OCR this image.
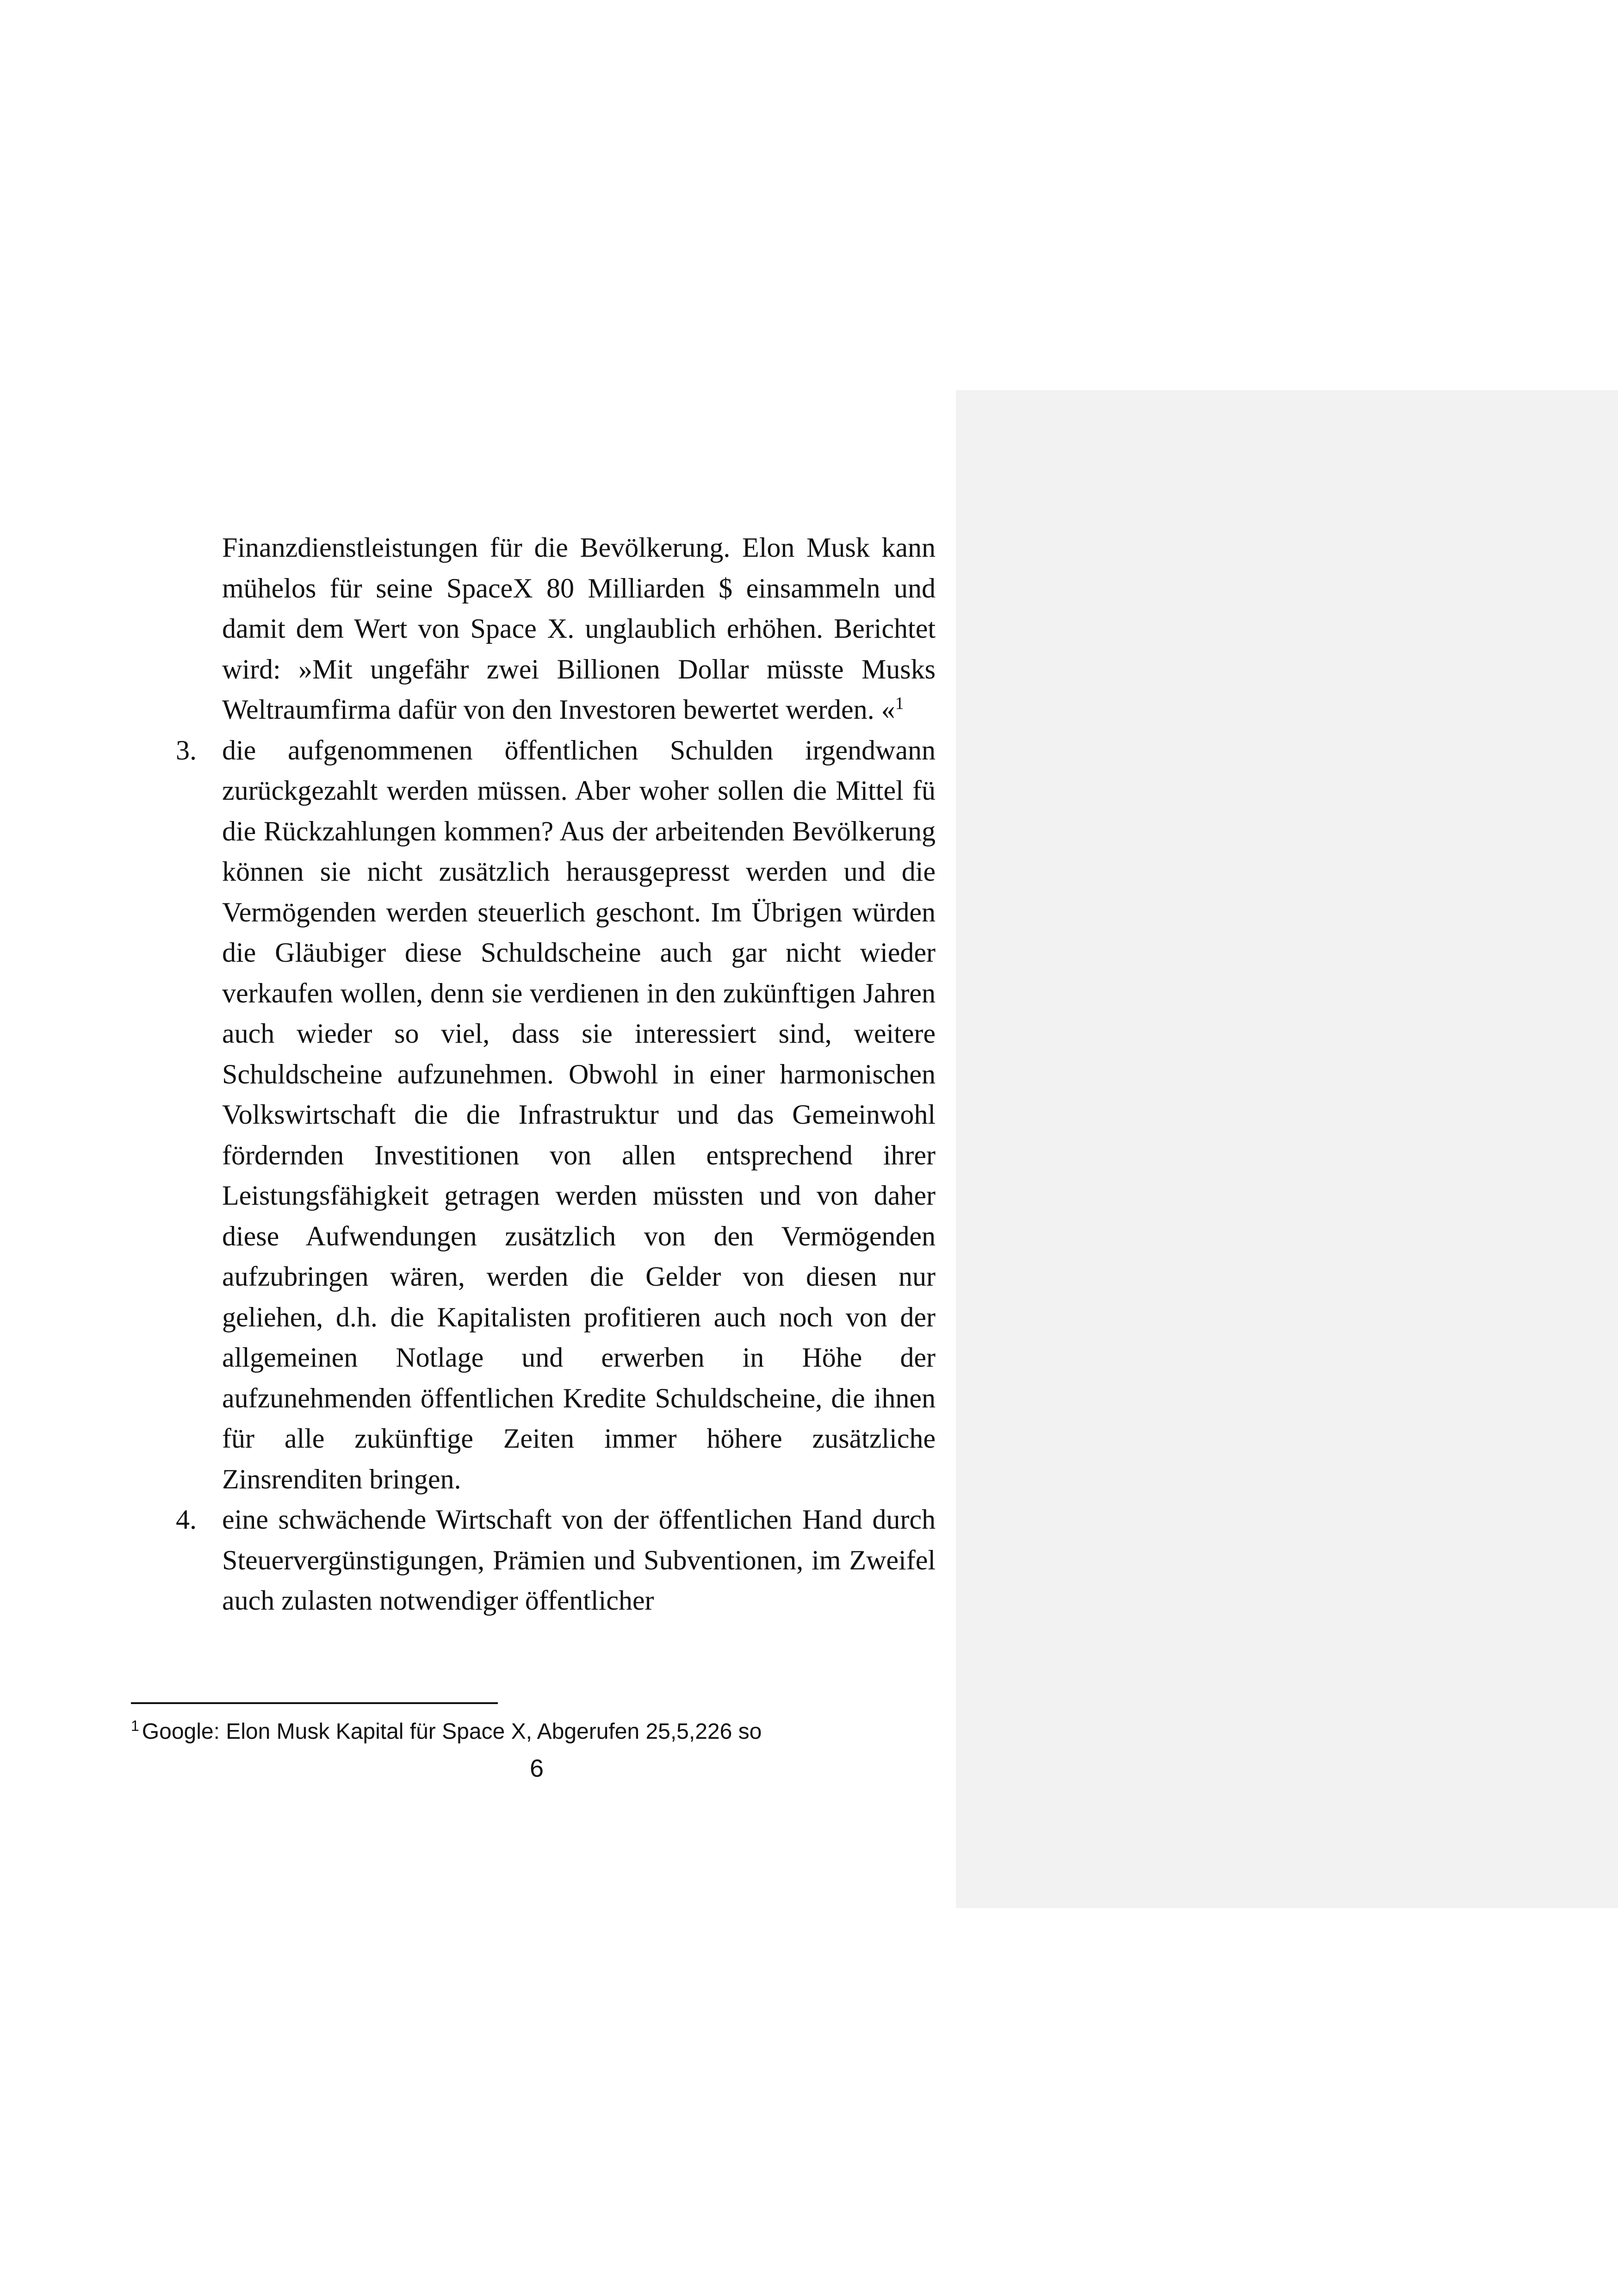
Finanzdienstleistungen für die Bevölkerung. Elon Musk kann mühelos für seine SpaceX 80 Milliarden $ einsammeln und damit dem Wert von Space X. unglaublich erhöhen. Berichtet wird: »Mit ungefähr zwei Billionen Dollar müsste Musks Weltraumfirma dafür von den Investoren bewertet werden. «$^1$

3. die aufgenommenen öffentlichen Schulden irgendwann zurückgezahlt werden müssen. Aber woher sollen die Mittel fü die Rückzahlungen kommen? Aus der arbeitenden Bevölkerung können sie nicht zusätzlich herausgepresst werden und die Vermögenden werden steuerlich geschont. Im Übrigen würden die Gläubiger diese Schuldscheine auch gar nicht wieder verkaufen wollen, denn sie verdienen in den zukünftigen Jahren auch wieder so viel, dass sie interessiert sind, weitere Schuldscheine aufzunehmen. Obwohl in einer harmonischen Volkswirtschaft die die Infrastruktur und das Gemeinwohl fördernden Investitionen von allen entsprechend ihrer Leistungsfähigkeit getragen werden müssten und von daher diese Aufwendungen zusätzlich von den Vermögenden aufzubringen wären, werden die Gelder von diesen nur geliehen, d.h. die Kapitalisten profitieren auch noch von der allgemeinen Notlage und erwerben in Höhe der aufzunehmenden öffentlichen Kredite Schuldscheine, die ihnen für alle zukünftige Zeiten immer höhere zusätzliche Zinsrenditen bringen.

4. eine schwächende Wirtschaft von der öffentlichen Hand durch Steuervergünstigungen, Prämien und Subventionen, im Zweifel auch zulasten notwendiger öffentlicher

$^1$ Google: Elon Musk Kapital für Space X, Abgerufen 25,5,226 so
6
